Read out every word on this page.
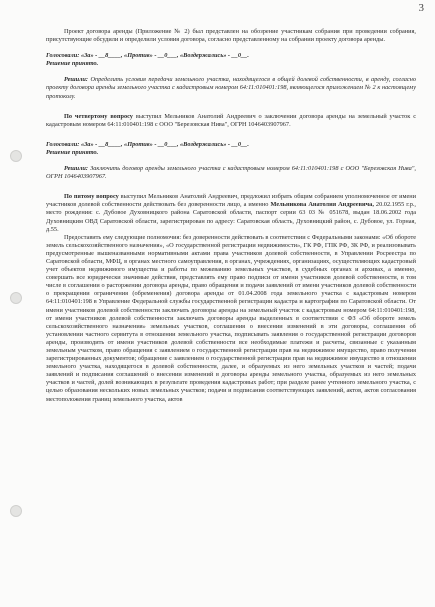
3

Проект договора аренды (Приложение № 2) был представлен на обозрение участникам собрания при проведении собрания, присутствующие обсудили и определили условия договора, согласно представленному на собрании проекту договора аренды.

Голосовали: «За» - __8____, «Против» - __0___, «Воздержались» - __0__.

Решение принято.

Решили: Определить условия передачи земельного участка, находящегося в общей долевой собственности, в аренду, согласно проекту договора аренды земельного участка с кадастровым номером 64:11:010401:198, являющегося приложением № 2 к настоящему протоколу.

По четвертому вопросу выступил Мельников Анатолий Андреевич о заключении договора аренды на земельный участок с кадастровым номером 64:11:010401:198 с ООО "Березовская Нива", ОГРН 1046403907967.

Голосовали: «За» - __8____, «Против» - __0___, «Воздержались» - __0__.

Решение принято.

Решили: Заключить договор аренды земельного участка с кадастровым номером 64:11:010401:198 с ООО "Березовская Нива", ОГРН 1046403907967.

По пятому вопросу выступил Мельников Анатолий Андреевич, предложил избрать общим собранием уполномоченное от имени участников долевой собственности действовать без доверенности лицо, а именно Мельникова Анатолия Андреевича, 20.02.1955 г.р., место рождения: с. Дубовое Духовницкого района Саратовской области, паспорт серии 63 03 № 051678, выдан 18.06.2002 года Духовницким ОВД Саратовской области, зарегистрирован по адресу: Саратовская область, Духовницкий район, с. Дубовое, ул. Горная, д.55.

Предоставить ему следующие полномочия: без доверенности действовать в соответствии с Федеральными законами: «Об обороте земель сельскохозяйственного назначения», «О государственной регистрации недвижимости», ГК РФ, ГПК РФ, ЗК РФ, и реализовывать предусмотренные вышеназванными нормативными актами права участников долевой собственности, в Управлении Росреестра по Саратовской области, МФЦ, в органах местного самоуправления, в органах, учреждениях, организациях, осуществляющих кадастровый учет объектов недвижимого имущества и работы по межеванию земельных участков, в судебных органах и архивах, а именно, совершать все юридически значимые действия, представлять ему право подписи от имени участников долевой собственности, в том числе в соглашении о расторжении договора аренды, право обращения и подачи заявлений от имени участников долевой собственности о прекращении ограничения (обременения) договора аренды от 01.04.2008 года земельного участка с кадастровым номером 64:11:010401:198 в Управление Федеральной службы государственной регистрации кадастра и картографии по Саратовской области. От имени участников долевой собственности заключать договоры аренды на земельный участок с кадастровым номером 64:11:010401:198, от имени участников долевой собственности заключать договоры аренды выделенных в соответствии с ФЗ «Об обороте земель сельскохозяйственного назначения» земельных участков, соглашения о внесении изменений в эти договоры, соглашения об установлении частного сервитута в отношении земельного участка, подписывать заявления о государственной регистрации договоров аренды, производить от имени участников долевой собственности все необходимые платежи и расчеты, связанные с указанным земельным участком, право обращения с заявлением о государственной регистрации прав на недвижимое имущество, право получения зарегистрированных документов; обращение с заявлением о государственной регистрации прав на недвижимое имущество в отношении земельного участка, находящегося в долевой собственности, далее, и образуемых из него земельных участков и частей; подачи заявлений и подписания соглашений о внесении изменений в договоры аренды земельного участка, образуемых из него земельных участков и частей, долей возникающих в результате проведения кадастровых работ; при разделе ранее учтенного земельного участка, с целью образования нескольких новых земельных участков; подачи и подписания соответствующих заявлений, актов, актов согласования местоположения границ земельного участка, актов
